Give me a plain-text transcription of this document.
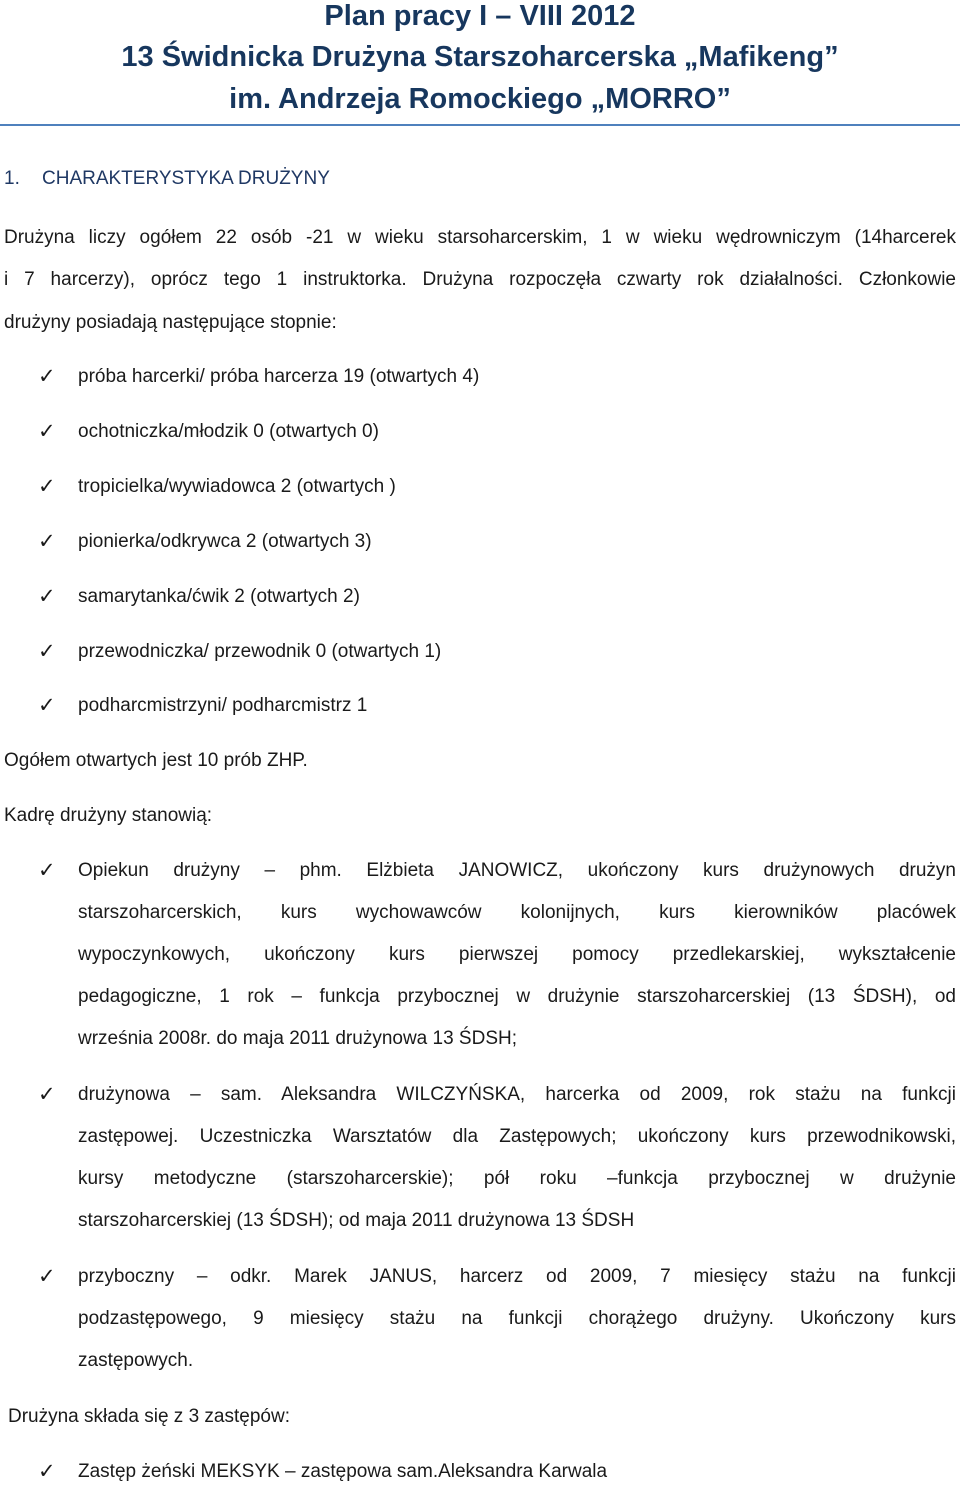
Plan pracy I – VIII 2012
13 Świdnicka Drużyna Starszoharcerska „Mafikeng”
im. Andrzeja Romockiego „MORRO”
1. CHARAKTERYSTYKA DRUŻYNY
Drużyna liczy ogółem 22 osób -21 w wieku starsoharcerskim, 1 w wieku wędrowniczym (14harcerek
i 7 harcerzy), oprócz tego 1 instruktorka. Drużyna rozpoczęła czwarty rok działalności. Członkowie
drużyny posiadają następujące stopnie:
✓	próba harcerki/ próba harcerza 19 (otwartych 4)
✓	ochotniczka/młodzik 0 (otwartych 0)
✓	tropicielka/wywiadowca 2 (otwartych )
✓	pionierka/odkrywca 2 (otwartych 3)
✓	samarytanka/ćwik 2 (otwartych 2)
✓	przewodniczka/ przewodnik 0 (otwartych 1)
✓	podharcmistrzyni/ podharcmistrz 1
Ogółem otwartych jest 10 prób ZHP.
Kadrę drużyny stanowią:
✓	Opiekun drużyny – phm. Elżbieta JANOWICZ, ukończony kurs drużynowych drużyn
starszoharcerskich, kurs wychowawców kolonijnych, kurs kierowników placówek
wypoczynkowych, ukończony kurs pierwszej pomocy przedlekarskiej, wykształcenie
pedagogiczne, 1 rok – funkcja przybocznej w drużynie starszoharcerskiej (13 ŚDSH), od
września 2008r. do maja 2011 drużynowa 13 ŚDSH;
✓	drużynowa – sam. Aleksandra WILCZYŃSKA, harcerka od 2009, rok stażu na funkcji
zastępowej. Uczestniczka Warsztatów dla Zastępowych; ukończony kurs przewodnikowski,
kursy metodyczne (starszoharcerskie); pół roku –funkcja przybocznej w drużynie
starszoharcerskiej (13 ŚDSH); od maja 2011 drużynowa 13 ŚDSH
✓	przyboczny – odkr. Marek JANUS, harcerz od 2009, 7 miesięcy stażu na funkcji
podzastępowego, 9 miesięcy stażu na funkcji chorążego drużyny. Ukończony kurs
zastępowych.
Drużyna składa się z 3 zastępów:
✓	Zastęp żeński MEKSYK – zastępowa sam.Aleksandra Karwala
